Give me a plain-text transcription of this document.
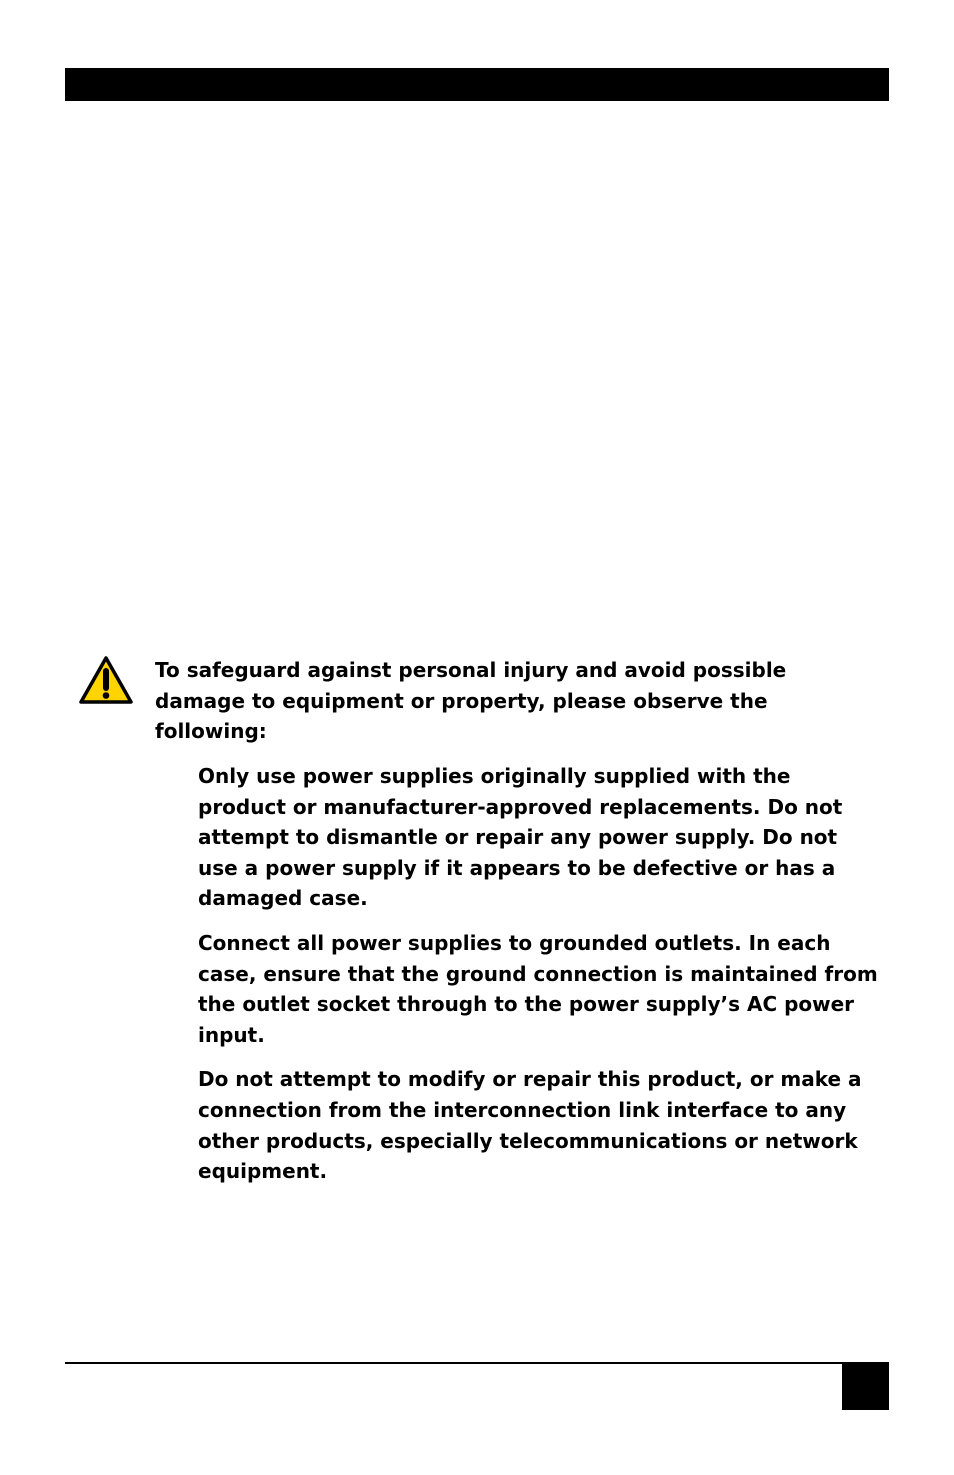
To safeguard against personal injury and avoid possible damage to equipment or property, please observe the following:

Only use power supplies originally supplied with the product or manufacturer-approved replacements. Do not attempt to dismantle or repair any power supply. Do not use a power supply if it appears to be defective or has a damaged case.
Connect all power supplies to grounded outlets. In each case, ensure that the ground connection is maintained from the outlet socket through to the power supply’s AC power input.
Do not attempt to modify or repair this product, or make a connection from the interconnection link interface to any other products, especially telecommunications or network equipment.
